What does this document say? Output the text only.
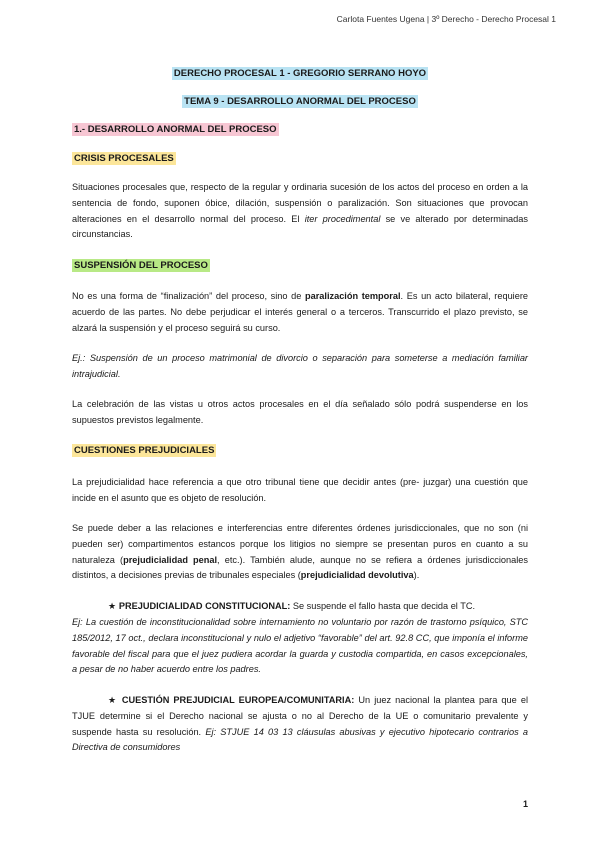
Carlota Fuentes Ugena | 3º Derecho - Derecho Procesal 1
DERECHO PROCESAL 1 - GREGORIO SERRANO HOYO
TEMA 9 - DESARROLLO ANORMAL DEL PROCESO
1.- DESARROLLO ANORMAL DEL PROCESO
CRISIS PROCESALES

Situaciones procesales que, respecto de la regular y ordinaria sucesión de los actos del proceso en orden a la sentencia de fondo, suponen óbice, dilación, suspensión o paralización. Son situaciones que provocan alteraciones en el desarrollo normal del proceso. El iter procedimental se ve alterado por determinadas circunstancias.

SUSPENSIÓN DEL PROCESO

No es una forma de “finalización” del proceso, sino de paralización temporal. Es un acto bilateral, requiere acuerdo de las partes. No debe perjudicar el interés general o a terceros. Transcurrido el plazo previsto, se alzará la suspensión y el proceso seguirá su curso.

Ej.: Suspensión de un proceso matrimonial de divorcio o separación para someterse a mediación familiar intrajudicial.

La celebración de las vistas u otros actos procesales en el día señalado sólo podrá suspenderse en los supuestos previstos legalmente.

CUESTIONES PREJUDICIALES

La prejudicialidad hace referencia a que otro tribunal tiene que decidir antes (pre- juzgar) una cuestión que incide en el asunto que es objeto de resolución.

Se puede deber a las relaciones e interferencias entre diferentes órdenes jurisdiccionales, que no son (ni pueden ser) compartimentos estancos porque los litigios no siempre se presentan puros en cuanto a su naturaleza (prejudicialidad penal, etc.). También alude, aunque no se refiera a órdenes jurisdiccionales distintos, a decisiones previas de tribunales especiales (prejudicialidad devolutiva).

★ PREJUDICIALIDAD CONSTITUCIONAL: Se suspende el fallo hasta que decida el TC.

Ej: La cuestión de inconstitucionalidad sobre internamiento no voluntario por razón de trastorno psíquico, STC 185/2012, 17 oct., declara inconstitucional y nulo el adjetivo “favorable” del art. 92.8 CC, que imponía el informe favorable del fiscal para que el juez pudiera acordar la guarda y custodia compartida, en casos excepcionales, a pesar de no haber acuerdo entre los padres.

★ CUESTIÓN PREJUDICIAL EUROPEA/COMUNITARIA: Un juez nacional la plantea para que el TJUE determine si el Derecho nacional se ajusta o no al Derecho de la UE o comunitario prevalente y suspende hasta su resolución. Ej: STJUE 14 03 13 cláusulas abusivas y ejecutivo hipotecario contrarios a Directiva de consumidores

1
